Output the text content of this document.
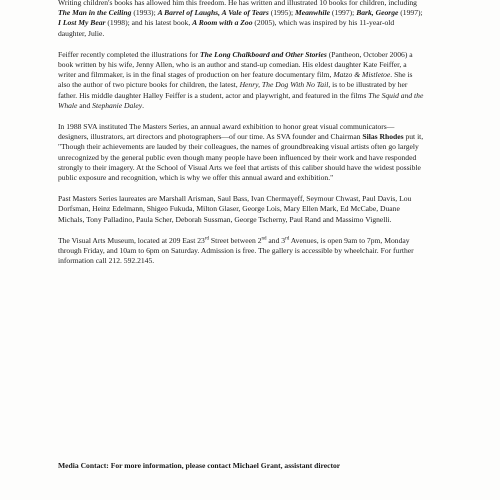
Writing children's books has allowed him this freedom. He has written and illustrated 10 books for children, including The Man in the Ceiling (1993); A Barrel of Laughs, A Vale of Tears (1995); Meanwhile (1997); Bark, George (1997); I Lost My Bear (1998); and his latest book, A Room with a Zoo (2005), which was inspired by his 11-year-old daughter, Julie.

Feiffer recently completed the illustrations for The Long Chalkboard and Other Stories (Pantheon, October 2006) a book written by his wife, Jenny Allen, who is an author and stand-up comedian. His eldest daughter Kate Feiffer, a writer and filmmaker, is in the final stages of production on her feature documentary film, Matzo & Mistletoe. She is also the author of two picture books for children, the latest, Henry, The Dog With No Tail, is to be illustrated by her father. His middle daughter Halley Feiffer is a student, actor and playwright, and featured in the films The Squid and the Whale and Stephanie Daley.

In 1988 SVA instituted The Masters Series, an annual award exhibition to honor great visual communicators—designers, illustrators, art directors and photographers—of our time. As SVA founder and Chairman Silas Rhodes put it, "Though their achievements are lauded by their colleagues, the names of groundbreaking visual artists often go largely unrecognized by the general public even though many people have been influenced by their work and have responded strongly to their imagery. At the School of Visual Arts we feel that artists of this caliber should have the widest possible public exposure and recognition, which is why we offer this annual award and exhibition."

Past Masters Series laureates are Marshall Arisman, Saul Bass, Ivan Chermayeff, Seymour Chwast, Paul Davis, Lou Dorfsman, Heinz Edelmann, Shigeo Fukuda, Milton Glaser, George Lois, Mary Ellen Mark, Ed McCabe, Duane Michals, Tony Palladino, Paula Scher, Deborah Sussman, George Tscherny, Paul Rand and Massimo Vignelli.

The Visual Arts Museum, located at 209 East 23rd Street between 2nd and 3rd Avenues, is open 9am to 7pm, Monday through Friday, and 10am to 6pm on Saturday. Admission is free. The gallery is accessible by wheelchair. For further information call 212. 592.2145.

Media Contact: For more information, please contact Michael Grant, assistant director
